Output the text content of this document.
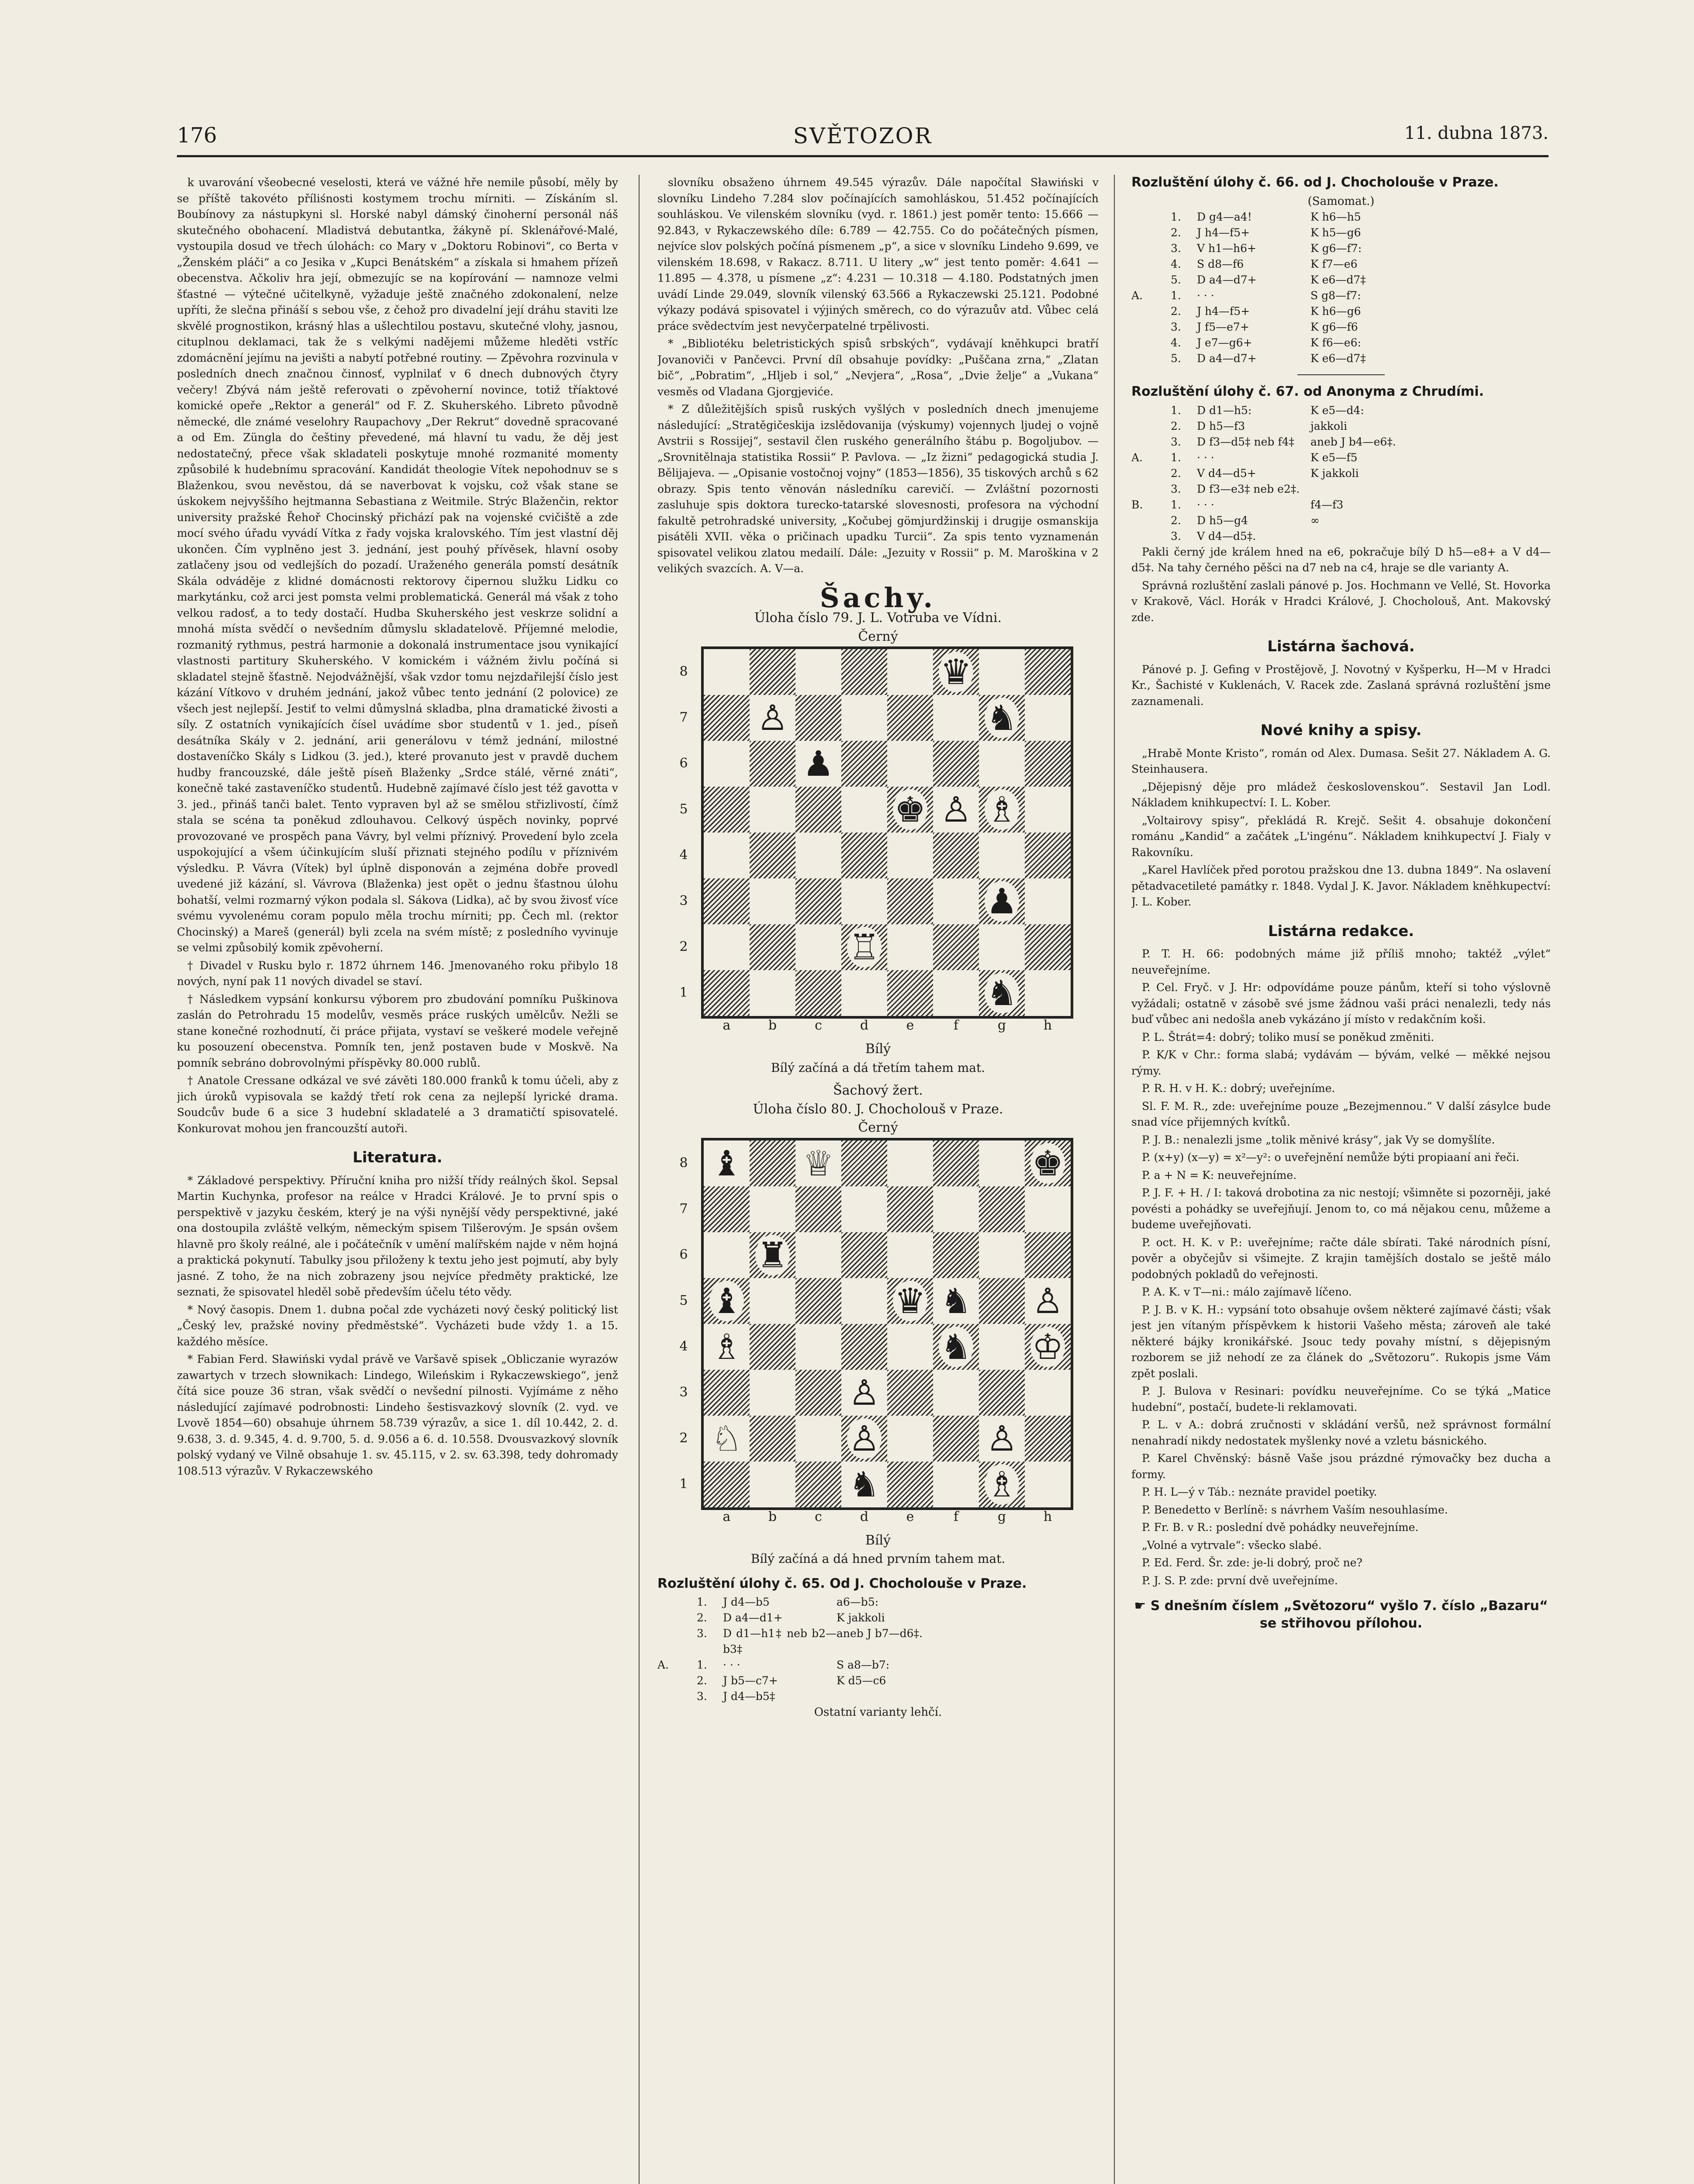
176	SVĚTOZOR	11. dubna 1873.

k uvarování všeobecné veselosti, která ve vážné hře nemile působí, měly by se příště takovéto příliśnosti kostymem trochu mírniti. — Získáním sl. Boubínovy za nástupkyni sl. Horské nabyl dámský činoherní personál náš skutečného obohacení. Mladistvá debutantka, žákyně pí. Sklenářové-Malé, vystoupila dosud ve třech úlohách: co Mary v „Doktoru Robinovi“, co Berta v „Ženském pláči“ a co Jesika v „Kupci Benátském“ a získala si hmahem přízeň obecenstva. Ačkoliv hra její, obmezujíc se na kopírování — namnoze velmi šťastné — výtečné učitelkyně, vyžaduje ještě značného zdokonalení, nelze upříti, že slečna přináší s sebou vše, z čehož pro divadelní její dráhu staviti lze skvělé prognostikon, krásný hlas a ušlechtilou postavu, skutečné vlohy, jasnou, cituplnou deklamaci, tak že s velkými nadějemi můžeme hleděti vstříc zdomácnění jejímu na jevišti a nabytí potřebné routiny. — Zpěvohra rozvinula v posledních dnech značnou činnosť, vyplnilať v 6 dnech dubnových čtyry večery! Zbývá nám ještě referovati o zpěvoherní novince, totiž tříaktové komické opeře „Rektor a generál“ od F. Z. Skuherského. Libreto původně německé, dle známé veselohry Raupachovy „Der Rekrut“ dovedně spracované a od Em. Züngla do češtiny převedené, má hlavní tu vadu, že děj jest nedostatečný, přece však skladateli poskytuje mnohé rozmanité momenty způsobilé k hudebnímu spracování. Kandidát theologie Vítek nepohodnuv se s Blaženkou, svou nevěstou, dá se naverbovat k vojsku, což však stane se úskokem nejvyššího hejtmanna Sebastiana z Weitmile. Strýc Blaženčin, rektor university pražské Řehoř Chocinský přichází pak na vojenské cvičiště a zde mocí svého úřadu vyvádí Vítka z řady vojska kralovského. Tím jest vlastní děj ukončen. Čím vyplněno jest 3. jednání, jest pouhý přívěsek, hlavní osoby zatlačeny jsou od vedlejších do pozadí. Uraženého generála pomstí desátník Skála odváděje z klidné domácnosti rektorovy čipernou služku Lidku co markytánku, což arci jest pomsta velmi problematická. Generál má však z toho velkou radosť, a to tedy dostačí. Hudba Skuherského jest veskrze solidní a mnohá místa svědčí o nevšedním důmyslu skladatelově. Příjemné melodie, rozmanitý rythmus, pestrá harmonie a dokonalá instrumentace jsou vynikající vlastnosti partitury Skuherského. V komickém i vážném živlu počíná si skladatel stejně šťastně. Nejodvážnější, však vzdor tomu nejzdařilejší číslo jest kázání Vítkovo v druhém jednání, jakož vůbec tento jednání (2 polovice) ze všech jest nejlepší. Jestiť to velmi důmyslná skladba, plna dramatické živosti a síly. Z ostatních vynikajících čísel uvádíme sbor studentů v 1. jed., píseň desátníka Skály v 2. jednání, arii generálovu v témž jednání, milostné dostaveníčko Skály s Lidkou (3. jed.), které provanuto jest v pravdě duchem hudby francouzské, dále ještě píseň Blaženky „Srdce stálé, věrné znáti“, konečně také zastaveníčko studentů. Hudebně zajímavé číslo jest též gavotta v 3. jed., přináš tanči balet. Tento vypraven byl až se smělou střizlivostí, čímž stala se scéna ta poněkud zdlouhavou. Celkový úspěch novinky, poprvé provozované ve prospěch pana Vávry, byl velmi příznivý. Provedení bylo zcela uspokojující a všem účinkujícím sluší přiznati stejného podílu v příznivém výsledku. P. Vávra (Vítek) byl úplně disponován a zejména dobře provedl uvedené již kázání, sl. Vávrova (Blaženka) jest opět o jednu šťastnou úlohu bohatší, velmi rozmarný výkon podala sl. Sákova (Lidka), ač by svou živosť více svému vyvolenému coram populo měla trochu mírniti; pp. Čech ml. (rektor Chocinský) a Mareš (generál) byli zcela na svém místě; z posledního vyvinuje se velmi způsobilý komik zpěvoherní.

† Divadel v Rusku bylo r. 1872 úhrnem 146. Jmenovaného roku přibylo 18 nových, nyní pak 11 nových divadel se staví.

† Následkem vypsání konkursu výborem pro zbudování pomníku Puškinova zaslán do Petrohradu 15 modelův, vesměs práce ruských umělcův. Nežli se stane konečné rozhodnutí, či práce přijata, vystaví se veškeré modele veřejně ku posouzení obecenstva. Pomník ten, jenž postaven bude v Moskvě. Na pomník sebráno dobrovolnými příspěvky 80.000 rublů.

† Anatole Cressane odkázal ve své závěti 180.000 franků k tomu účeli, aby z jich úroků vypisovala se každý třetí rok cena za nejlepší lyrické drama. Soudcův bude 6 a sice 3 hudební skladatelé a 3 dramatičtí spisovatelé. Konkurovat mohou jen francouzští autoři.

Literatura.

* Základové perspektivy. Příruční kniha pro nižší třídy reálných škol. Sepsal Martin Kuchynka, profesor na reálce v Hradci Králové. Je to první spis o perspektivě v jazyku českém, který je na výši nynější vědy perspektivné, jaké ona dostoupila zvláště velkým, německým spisem Tilšerovým. Je spsán ovšem hlavně pro školy reálné, ale i počátečník v umění malířském najde v něm hojná a praktická pokynutí. Tabulky jsou přiloženy k textu jeho jest pojmutí, aby byly jasné. Z toho, že na nich zobrazeny jsou nejvíce předměty praktické, lze seznati, že spisovatel hleděl sobě především účelu této vědy.

* Nový časopis. Dnem 1. dubna počal zde vycházeti nový český politický list „Český lev, pražské noviny předměstské“. Vycházeti bude vždy 1. a 15. každého měsíce.

* Fabian Ferd. Sławiński vydal právě ve Varšavě spisek „Obliczanie wyrazów zawartych v trzech słownikach: Lindego, Wileńskim i Rykaczewskiego“, jenž čítá sice pouze 36 stran, však svědčí o nevšední pilnosti. Vyjímáme z něho následující zajímavé podrobnosti: Lindeho šestisvazkový slovník (2. vyd. ve Lvově 1854—60) obsahuje úhrnem 58.739 výrazův, a sice 1. díl 10.442, 2. d. 9.638, 3. d. 9.345, 4. d. 9.700, 5. d. 9.056 a 6. d. 10.558. Dvousvazkový slovník polský vydaný ve Vilně obsahuje 1. sv. 45.115, v 2. sv. 63.398, tedy dohromady 108.513 výrazův. V Rykaczewského

slovníku obsaženo úhrnem 49.545 výrazův. Dále napočítal Sławiński v slovníku Lindeho 7.284 slov počínajících samohláskou, 51.452 počínajících souhláskou. Ve vilenském slovníku (vyd. r. 1861.) jest poměr tento: 15.666 — 92.843, v Rykaczewského díle: 6.789 — 42.755. Co do počátečných písmen, nejvíce slov polských počíná písmenem „p“, a sice v slovníku Lindeho 9.699, ve vilenském 18.698, v Rakacz. 8.711. U litery „w“ jest tento poměr: 4.641 — 11.895 — 4.378, u písmene „z“: 4.231 — 10.318 — 4.180. Podstatných jmen uvádí Linde 29.049, slovník vilenský 63.566 a Rykaczewski 25.121. Podobné výkazy podává spisovatel i výjiných směrech, co do výrazuův atd. Vůbec celá práce svědectvím jest nevyčerpatelné trpělivosti.

* „Bibliotéku beletristických spisů srbských“, vydávají kněhkupci bratří Jovanoviči v Pančevci. První díl obsahuje povídky: „Puščana zrna,“ „Zlatan bič“, „Pobratim“, „Hljeb i sol,“ „Nevjera“, „Rosa“, „Dvie želje“ a „Vukana“ vesměs od Vladana Gjorgjeviće.

* Z důležitějších spisů ruských vyšlých v posledních dnech jmenujeme následující: „Stratěgičeskija izslědovanija (výskumy) vojennych ljudej o vojně Avstrii s Rossijej“, sestavil člen ruského generálního štábu p. Bogoljubov. — „Srovnitělnaja statistika Rossii“ P. Pavlova. — „Iz žizni“ pedagogická studia J. Bělijajeva. — „Opisanie vostočnoj vojny“ (1853—1856), 35 tiskových archů s 62 obrazy. Spis tento věnován následníku carevičí. — Zvláštní pozornosti zasluhuje spis doktora turecko-tatarské slovesnosti, profesora na východní fakultě petrohradské university, „Kočubej gömjurdžinskij i drugije osmanskija pisátěli XVII. věka o pričinach upadku Turcii“. Za spis tento vyznamenán spisovatel velikou zlatou medailí. Dále: „Jezuity v Rossii“ p. M. Maroškina v 2 velikých svazcích. A. V—a.

Šachy.
Úloha číslo 79. J. L. Votruba ve Vídni.
Černý
♛
♞
♙
♟
♚ ♙ ♗
♟
♖
♞
8
7
6
5
4
3
2
1
a	b	c	d	e	f	g	h
Bílý
Bílý začíná a dá třetím tahem mat.
Šachový žert.
Úloha číslo 80. J. Chocholouš v Praze.
Černý
♝ ♕	♚
♜
♝	♛ ♞ ♙
♗	♞ ♔
♙
♘	♙	♙
♞	♗
8
7
6
5
4
3
2
1
a	b	c	d	e	f	g	h
Bílý
Bílý začíná a dá hned prvním tahem mat.
Rozluštění úlohy č. 65. Od J. Chocholouše v Praze.
1.	J d4—b5	a6—b5:
2.	D a4—d1+	K jakkoli
3.	D d1—h1‡ neb b2—b3‡
aneb J b7—d6‡.
A.	1.	· · ·	S a8—b7:
2.	J b5—c7+	K d5—c6
3.	J d4—b5‡
Ostatní varianty lehčí.
Rozluštění úlohy č. 66. od J. Chocholouše v Praze.
(Samomat.)
1.	D g4—a4!	K h6—h5
2.	J h4—f5+	K h5—g6
3.	V h1—h6+	K g6—f7:
4.	S d8—f6	K f7—e6
5.	D a4—d7+	K e6—d7‡
A.	1.	· · ·	S g8—f7:
2.	J h4—f5+	K h6—g6
3.	J f5—e7+	K g6—f6
4.	J e7—g6+	K f6—e6:
5.	D a4—d7+	K e6—d7‡
Rozluštění úlohy č. 67. od Anonyma z Chrudími.
1.	D d1—h5:	K e5—d4:
2.	D h5—f3	jakkoli
3.	D f3—d5‡ neb f4‡	aneb J b4—e6‡.
A.	1.	· · ·	K e5—f5
2.	V d4—d5+	K jakkoli
3.	D f3—e3‡ neb e2‡.
B.	1.	· · ·	f4—f3
2.	D h5—g4	∞
3.	V d4—d5‡.

Pakli černý jde králem hned na e6, pokračuje bílý D h5—e8+ a V d4—d5‡. Na tahy černého pěšci na d7 neb na c4, hraje se dle varianty A.

Správná rozluštění zaslali pánové p. Jos. Hochmann ve Vellé, St. Hovorka v Krakově, Václ. Horák v Hradci Králové, J. Chocholouš, Ant. Makovský zde.

Listárna šachová.

Pánové p. J. Gefing v Prostějově, J. Novotný v Kyšperku, H—M v Hradci Kr., Šachisté v Kuklenách, V. Racek zde. Zaslaná správná rozluštění jsme zaznamenali.

Nové knihy a spisy.

„Hrabě Monte Kristo“, román od Alex. Dumasa. Sešit 27. Nákladem A. G. Steinhausera.

„Dějepisný děje pro mládež československou“. Sestavil Jan Lodl. Nákladem knihkupectví: I. L. Kober.

„Voltairovy spisy“, překládá R. Krejč. Sešit 4. obsahuje dokončení románu „Kandid“ a začátek „L'ingénu“. Nákladem knihkupectví J. Fialy v Rakovníku.

„Karel Havlíček před porotou pražskou dne 13. dubna 1849“. Na oslavení pětadvacetileté památky r. 1848. Vydal J. K. Javor. Nákladem kněhkupectví: J. L. Kober.

Listárna redakce.

P. T. H. 66: podobných máme již příliš mnoho; taktéž „výlet“ neuveřejníme.

P. Cel. Fryč. v J. Hr: odpovídáme pouze pánům, kteří si toho výslovně vyžádali; ostatně v zásobě své jsme žádnou vaši práci nenalezli, tedy nás buď vůbec ani nedošla aneb vykázáno jí místo v redakčním koši.

P. L. Štrát=4: dobrý; toliko musí se poněkud změniti.

P. K/K v Chr.: forma slabá; vydávám — bývám, velké — měkké nejsou rýmy.

P. R. H. v H. K.: dobrý; uveřejníme.

Sl. F. M. R., zde: uveřejníme pouze „Bezejmennou.“ V další zásylce bude snad více přijemných kvítků.

P. J. B.: nenalezli jsme „tolik měnivé krásy“, jak Vy se domyšlíte.

P. (x+y) (x—y) = x²—y²: o uveřejnění nemůže býti propiaaní ani řeči.

P. a + N = K: neuveřejníme.

P. J. F. + H. / I: taková drobotina za nic nestojí; všimněte si pozorněji, jaké povésti a pohádky se uveřejňují. Jenom to, co má nějakou cenu, můžeme a budeme uveřejňovati.

P. oct. H. K. v P.: uveřejníme; račte dále sbírati. Také národních písní, pověr a obyčejův si všimejte. Z krajin tamějších dostalo se ještě málo podobných pokladů do veřejnosti.

P. A. K. v T—ni.: málo zajímavě líčeno.

P. J. B. v K. H.: vypsání toto obsahuje ovšem některé zajímavé části; však jest jen vítaným příspěvkem k historii Vašeho města; zároveň ale také některé bájky kronikářské. Jsouc tedy povahy místní, s dějepisným rozborem se již nehodí ze za článek do „Světozoru“. Rukopis jsme Vám zpět poslali.

P. J. Bulova v Resinari: povídku neuveřejníme. Co se týká „Matice hudební“, postačí, budete-li reklamovati.

P. L. v A.: dobrá zručnosti v skládání veršů, než správnost formální nenahradí nikdy nedostatek myšlenky nové a vzletu básnického.

P. Karel Chvěnský: básně Vaše jsou prázdné rýmovačky bez ducha a formy.

P. H. L—ý v Táb.: neznáte pravidel poetiky.

P. Benedetto v Berlíně: s návrhem Vaším nesouhlasíme.

P. Fr. B. v R.: poslední dvě pohádky neuveřejníme.

„Volné a vytrvale“: všecko slabé.

P. Ed. Ferd. Šr. zde: je-li dobrý, proč ne?

P. J. S. P. zde: první dvě uveřejníme.

☛ S dnešním číslem „Světozoru“ vyšlo 7. číslo „Bazaru“ se střihovou přílohou.
